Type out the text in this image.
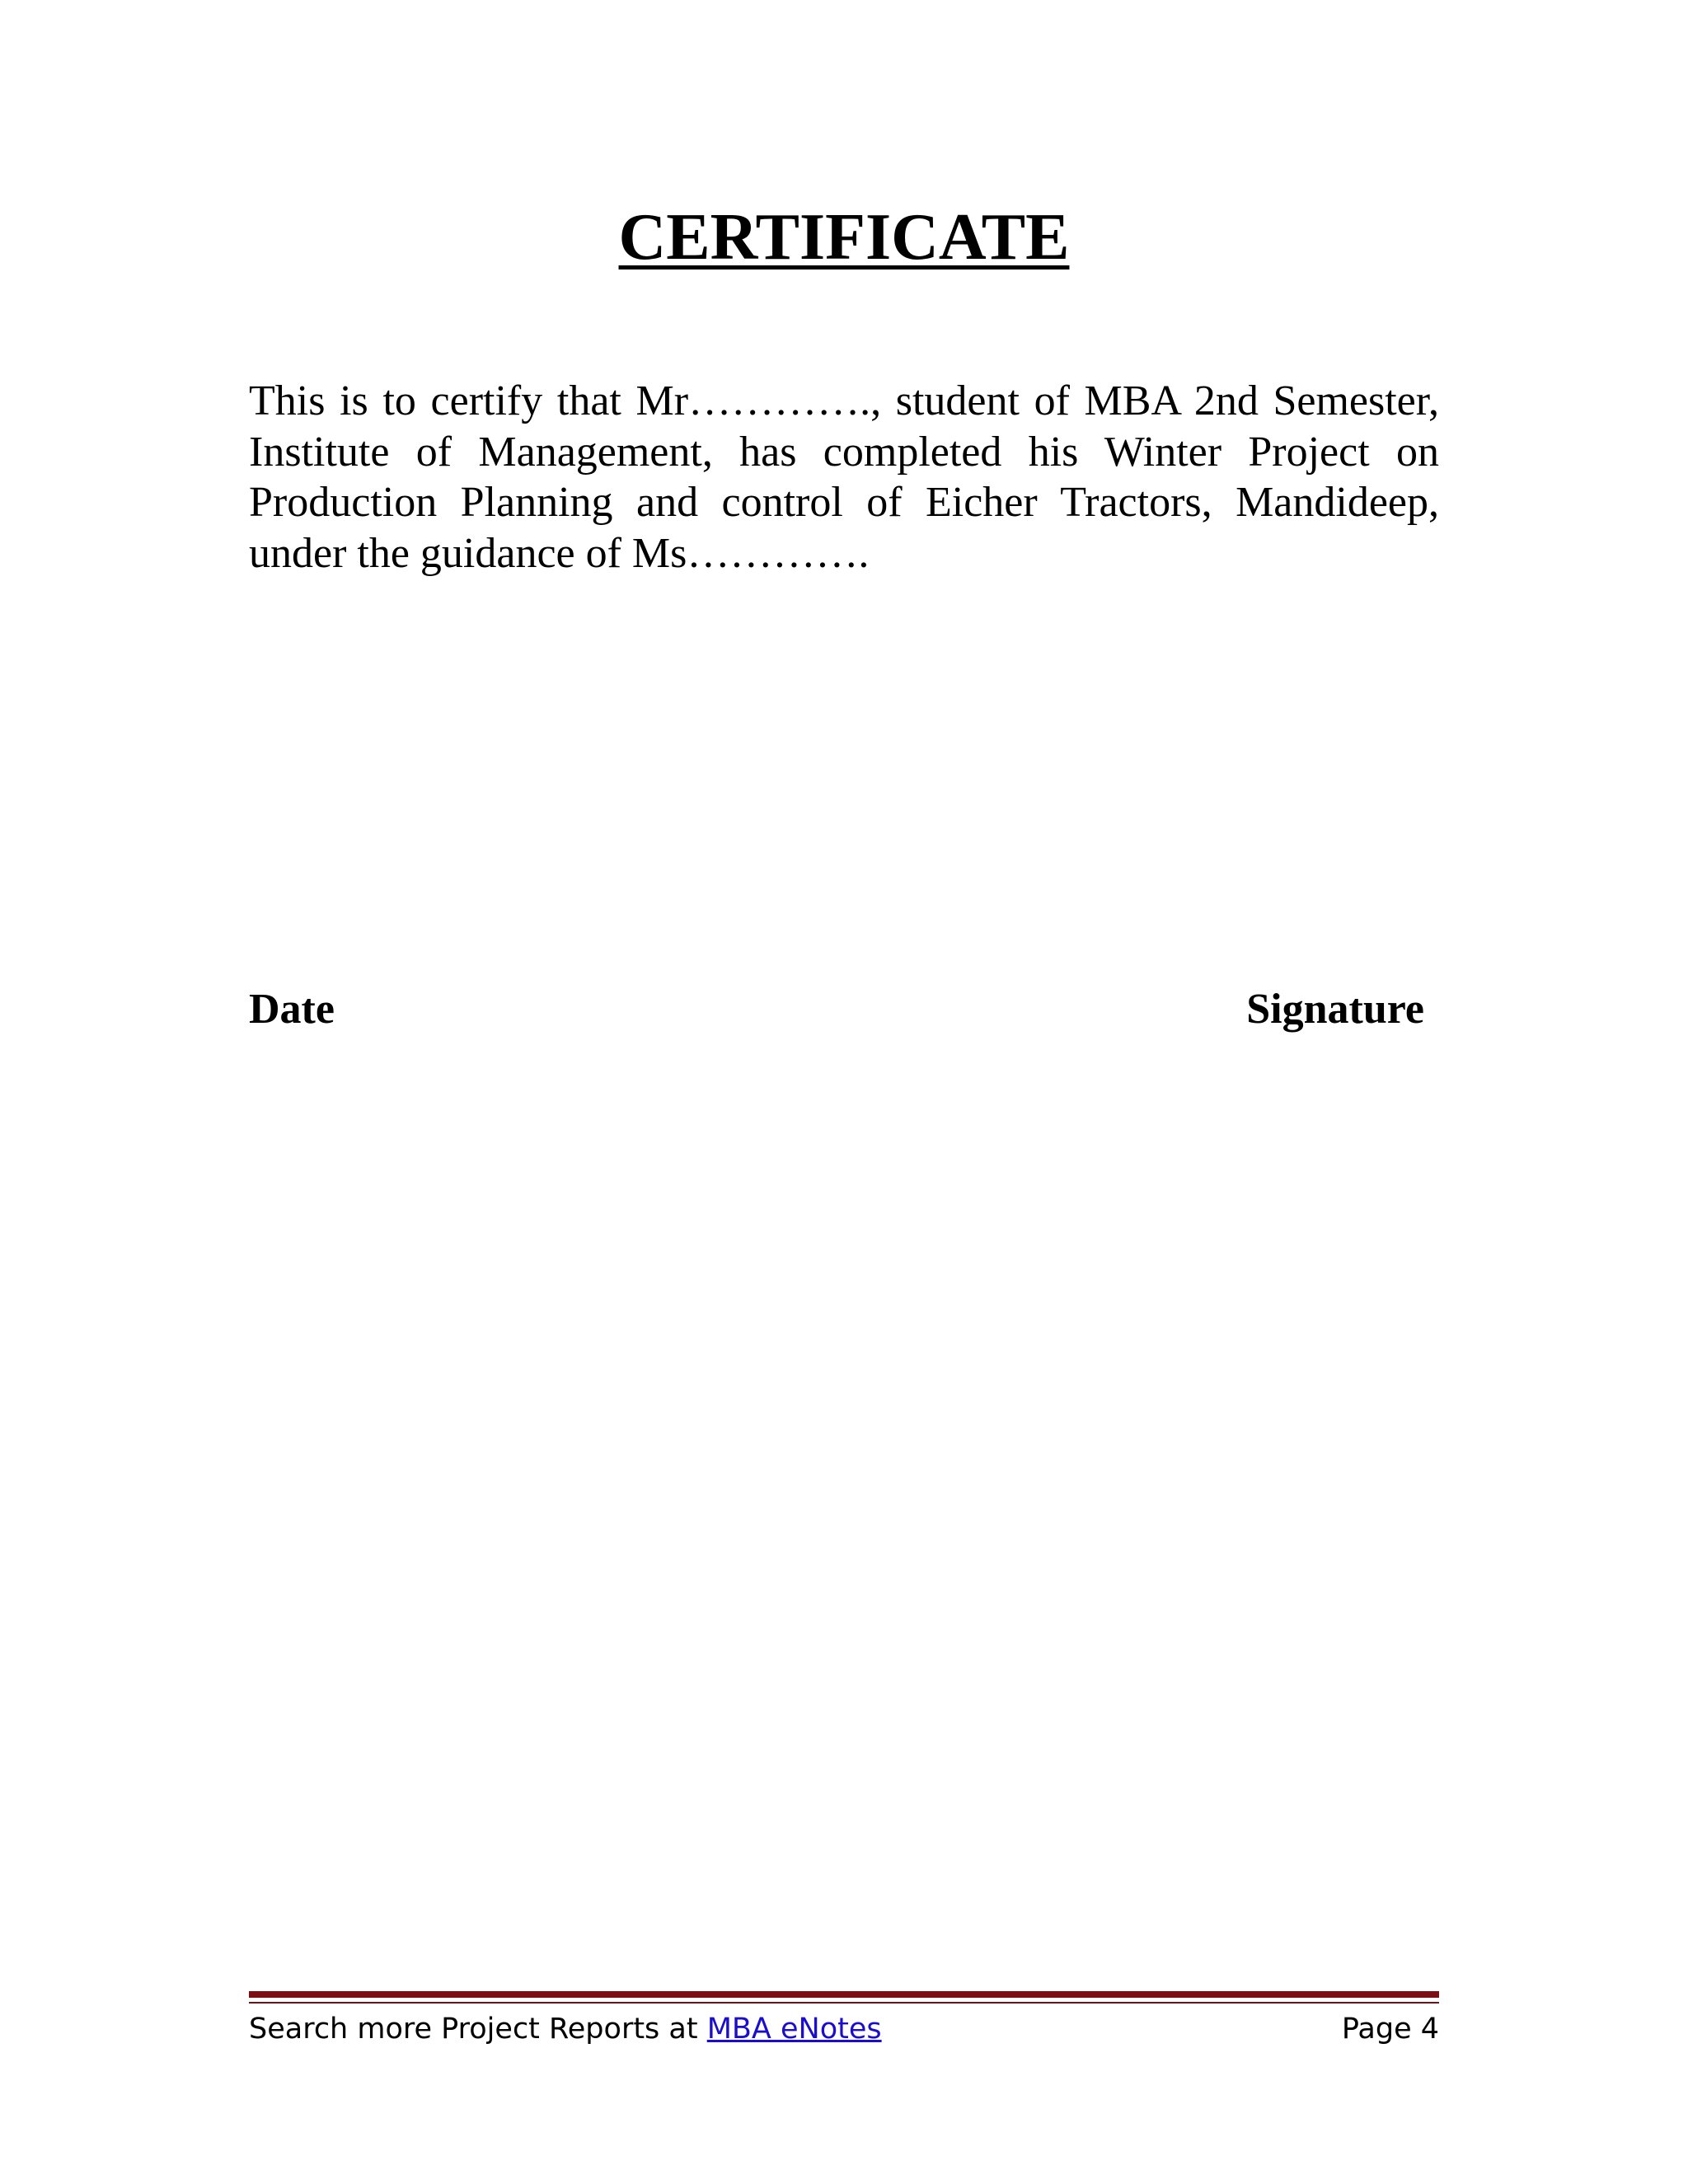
CERTIFICATE

This is to certify that Mr…………., student of MBA 2nd Semester, Institute of Management, has completed his Winter Project on Production Planning and control of Eicher Tractors, Mandideep, under the guidance of Ms………….

Date	Signature
Search more Project Reports at MBA eNotes	Page 4
